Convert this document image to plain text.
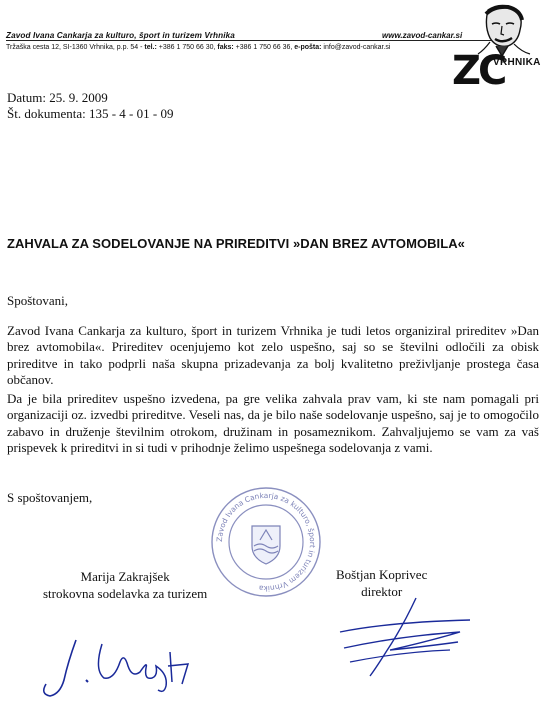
Zavod Ivana Cankarja za kulturo, šport in turizem Vrhnika	www.zavod-cankar.si
Tržaška cesta 12, SI-1360 Vrhnika, p.p. 54 - tel.: +386 1 750 66 30, faks: +386 1 750 66 36, e-pošta: info@zavod-cankar.si
ZC
VRHNIKA
Datum: 25. 9. 2009
Št. dokumenta: 135 - 4 - 01 - 09
ZAHVALA ZA SODELOVANJE NA PRIREDITVI »DAN BREZ AVTOMOBILA«
Spoštovani,
Zavod Ivana Cankarja za kulturo, šport in turizem Vrhnika je tudi letos organiziral prireditev »Dan brez avtomobila«. Prireditev ocenjujemo kot zelo uspešno, saj so se številni odločili za obisk prireditve in tako podprli naša skupna prizadevanja za bolj kvalitetno preživljanje prostega časa občanov.
Da je bila prireditev uspešno izvedena, pa gre velika zahvala prav vam, ki ste nam pomagali pri organizaciji oz. izvedbi prireditve. Veseli nas, da je bilo naše sodelovanje uspešno, saj je to omogočilo zabavo in druženje številnim otrokom, družinam in posameznikom. Zahvaljujemo se vam za vaš prispevek k prireditvi in si tudi v prihodnje želimo uspešnega sodelovanja z vami.
S spoštovanjem,
Zavod Ivana Cankarja za kulturo, šport in turizem Vrhnika
Marija Zakrajšek
strokovna sodelavka za turizem
Boštjan Koprivec
direktor
